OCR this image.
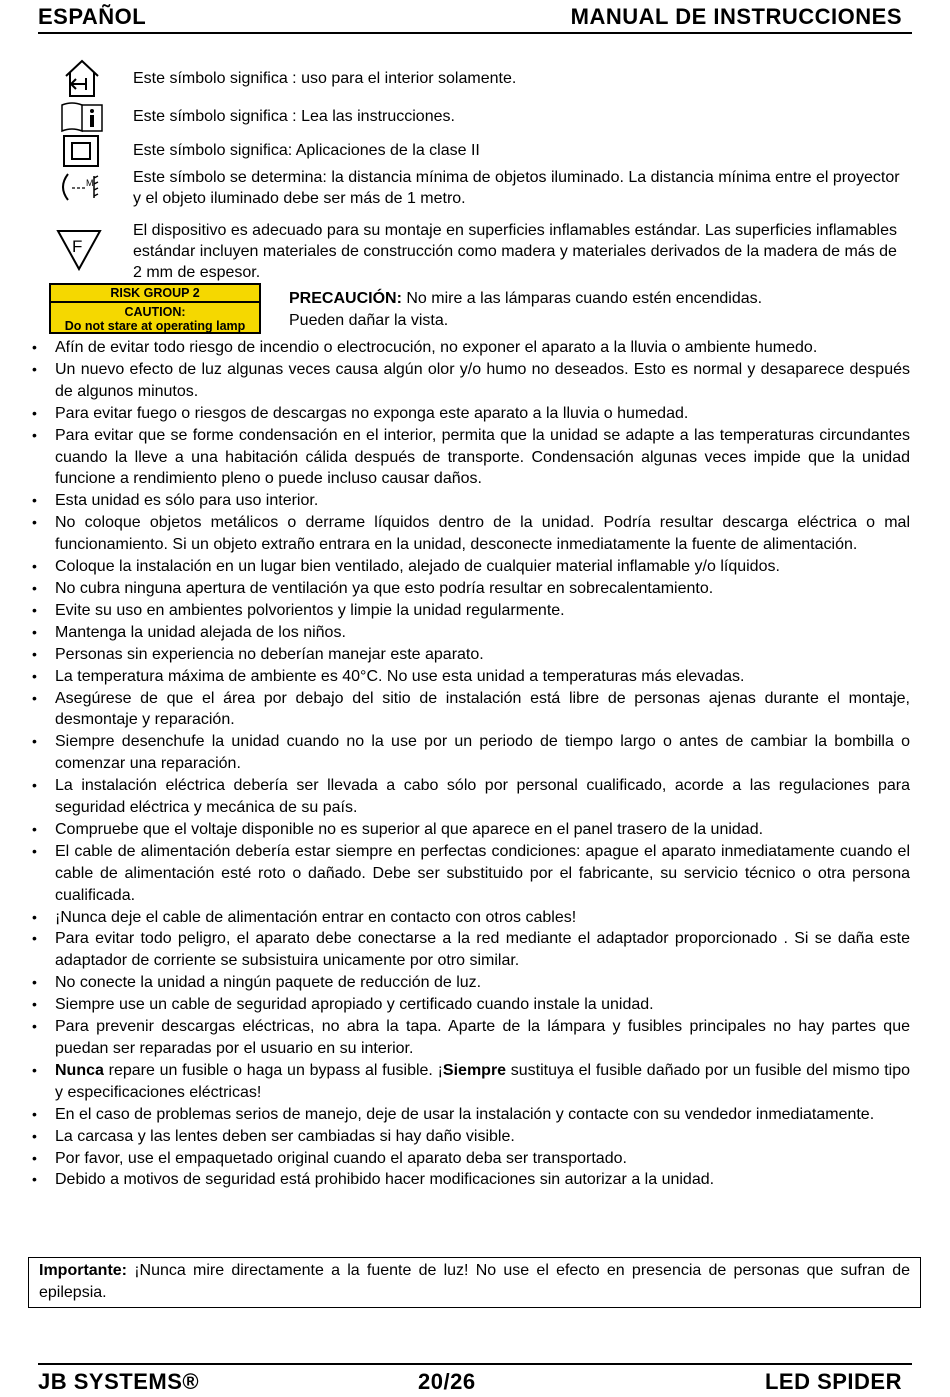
ESPAÑOL	MANUAL DE INSTRUCCIONES
M
F
Este símbolo significa : uso para el interior solamente.
Este símbolo significa : Lea las instrucciones.
Este símbolo significa: Aplicaciones de la clase II
Este símbolo se determina: la distancia mínima de objetos iluminado. La distancia mínima entre el proyector y el objeto iluminado debe ser más de 1 metro.
El dispositivo es adecuado para su montaje en superficies inflamables estándar. Las superficies inflamables estándar incluyen materiales de construcción como madera y materiales derivados de la madera de más de 2 mm de espesor.
RISK GROUP 2
CAUTION:
Do not stare at operating lamp
PRECAUCIÓN: No mire a las lámparas cuando estén encendidas.
Pueden dañar la vista.
• Afín de evitar todo riesgo de incendio o electrocución, no exponer el aparato a la lluvia o ambiente humedo.
• Un nuevo efecto de luz algunas veces causa algún olor y/o humo no deseados. Esto es normal y desaparece después de algunos minutos.
• Para evitar fuego o riesgos de descargas no exponga este aparato a la lluvia o humedad.
• Para evitar que se forme condensación en el interior, permita que la unidad se adapte a las temperaturas circundantes cuando la lleve a una habitación cálida después de transporte. Condensación algunas veces impide que la unidad funcione a rendimiento pleno o puede incluso causar daños.
• Esta unidad es sólo para uso interior.
• No coloque objetos metálicos o derrame líquidos dentro de la unidad. Podría resultar descarga eléctrica o mal funcionamiento. Si un objeto extraño entrara en la unidad, desconecte inmediatamente la fuente de alimentación.
• Coloque la instalación en un lugar bien ventilado, alejado de cualquier material inflamable y/o líquidos.
• No cubra ninguna apertura de ventilación ya que esto podría resultar en sobrecalentamiento.
• Evite su uso en ambientes polvorientos y limpie la unidad regularmente.
• Mantenga la unidad alejada de los niños.
• Personas sin experiencia no deberían manejar este aparato.
• La temperatura máxima de ambiente es 40°C. No use esta unidad a temperaturas más elevadas.
• Asegúrese de que el área por debajo del sitio de instalación está libre de personas ajenas durante el montaje, desmontaje y reparación.
• Siempre desenchufe la unidad cuando no la use por un periodo de tiempo largo o antes de cambiar la bombilla o comenzar una reparación.
• La instalación eléctrica debería ser llevada a cabo sólo por personal cualificado, acorde a las regulaciones para seguridad eléctrica y mecánica de su país.
• Compruebe que el voltaje disponible no es superior al que aparece en el panel trasero de la unidad.
• El cable de alimentación debería estar siempre en perfectas condiciones: apague el aparato inmediatamente cuando el cable de alimentación esté roto o dañado. Debe ser substituido por el fabricante, su servicio técnico o otra persona cualificada.
• ¡Nunca deje el cable de alimentación entrar en contacto con otros cables!
• Para evitar todo peligro, el aparato debe conectarse a la red mediante el adaptador proporcionado . Si se daña este adaptador de corriente se subsistuira unicamente por otro similar.
• No conecte la unidad a ningún paquete de reducción de luz.
• Siempre use un cable de seguridad apropiado y certificado cuando instale la unidad.
• Para prevenir descargas eléctricas, no abra la tapa. Aparte de la lámpara y fusibles principales no hay partes que puedan ser reparadas por el usuario en su interior.
• Nunca repare un fusible o haga un bypass al fusible. ¡Siempre sustituya el fusible dañado por un fusible del mismo tipo y especificaciones eléctricas!
• En el caso de problemas serios de manejo, deje de usar la instalación y contacte con su vendedor inmediatamente.
• La carcasa y las lentes deben ser cambiadas si hay daño visible.
• Por favor, use el empaquetado original cuando el aparato deba ser transportado.
• Debido a motivos de seguridad está prohibido hacer modificaciones sin autorizar a la unidad.
Importante: ¡Nunca mire directamente a la fuente de luz! No use el efecto en presencia de personas que sufran de epilepsia.
JB SYSTEMS®	20/26	LED SPIDER
